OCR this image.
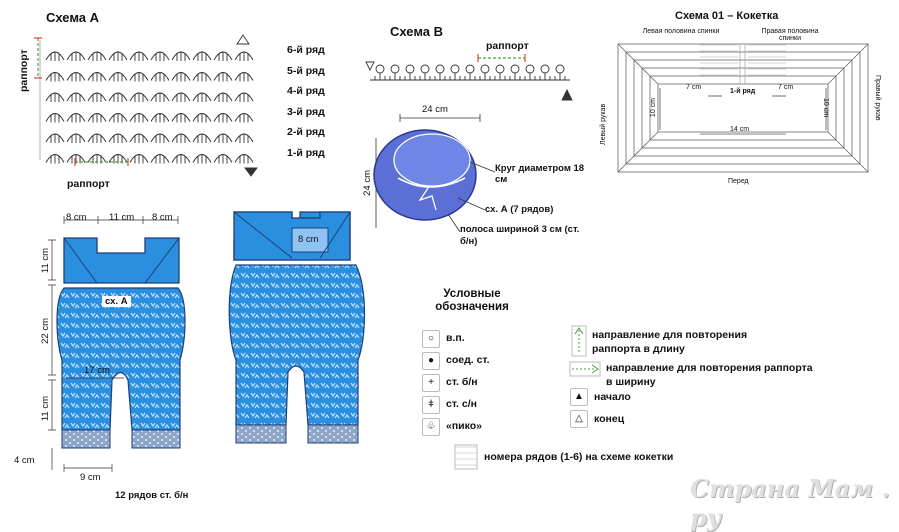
Схема А
раппорт
раппорт
6-й ряд
5-й ряд
4-й ряд
3-й ряд
2-й ряд
1-й ряд
Схема В
раппорт
Схема 01 – Кокетка
Левая половина спинки	Правая половина спинки
Левый рукав
Правый рукав
Перед
7 cm	7 cm
1-й ряд
10 cm	10 cm
14 cm
24 cm
24 cm
Круг диаметром 18 см
сх. А (7 рядов)
полоса шириной 3 см (ст. б/н)
8 cm 11 cm 8 cm
11 cm
22 cm
17 cm
11 cm
4 cm
9 cm
12 рядов ст. б/н
сх. А
8 cm
Условные обозначения
○	в.п.
●	соед. ст.
+	ст. б/н
ǂ	ст. с/н
♧	«пико»
направление для повторения раппорта в длину
направление для повторения раппорта в ширину
▲ начало
△	конец
номера рядов (1-6) на схеме кокетки
Страна Мам . ру
